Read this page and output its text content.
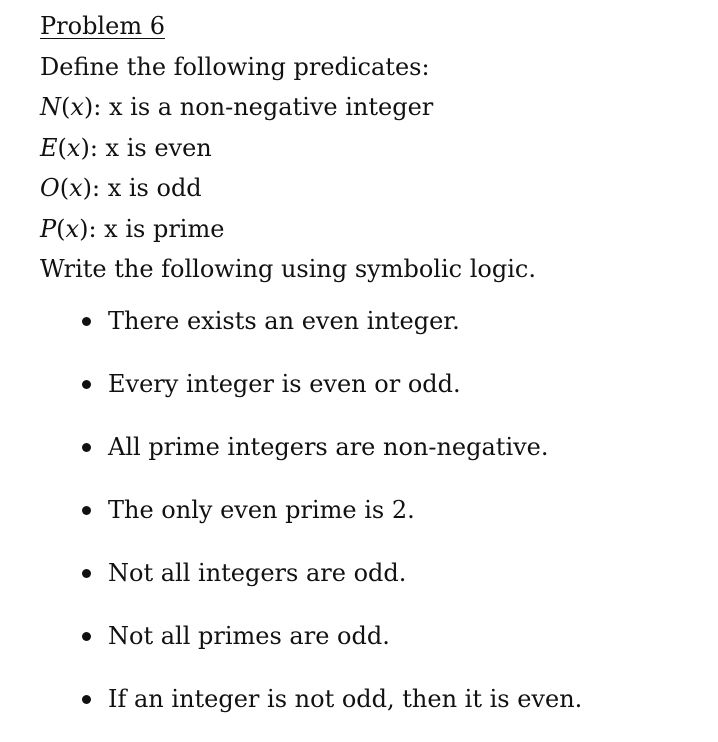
Problem 6
Define the following predicates:
N(x): x is a non-negative integer
E(x): x is even
O(x): x is odd
P(x): x is prime
Write the following using symbolic logic.
There exists an even integer.
Every integer is even or odd.
All prime integers are non-negative.
The only even prime is 2.
Not all integers are odd.
Not all primes are odd.
If an integer is not odd, then it is even.
